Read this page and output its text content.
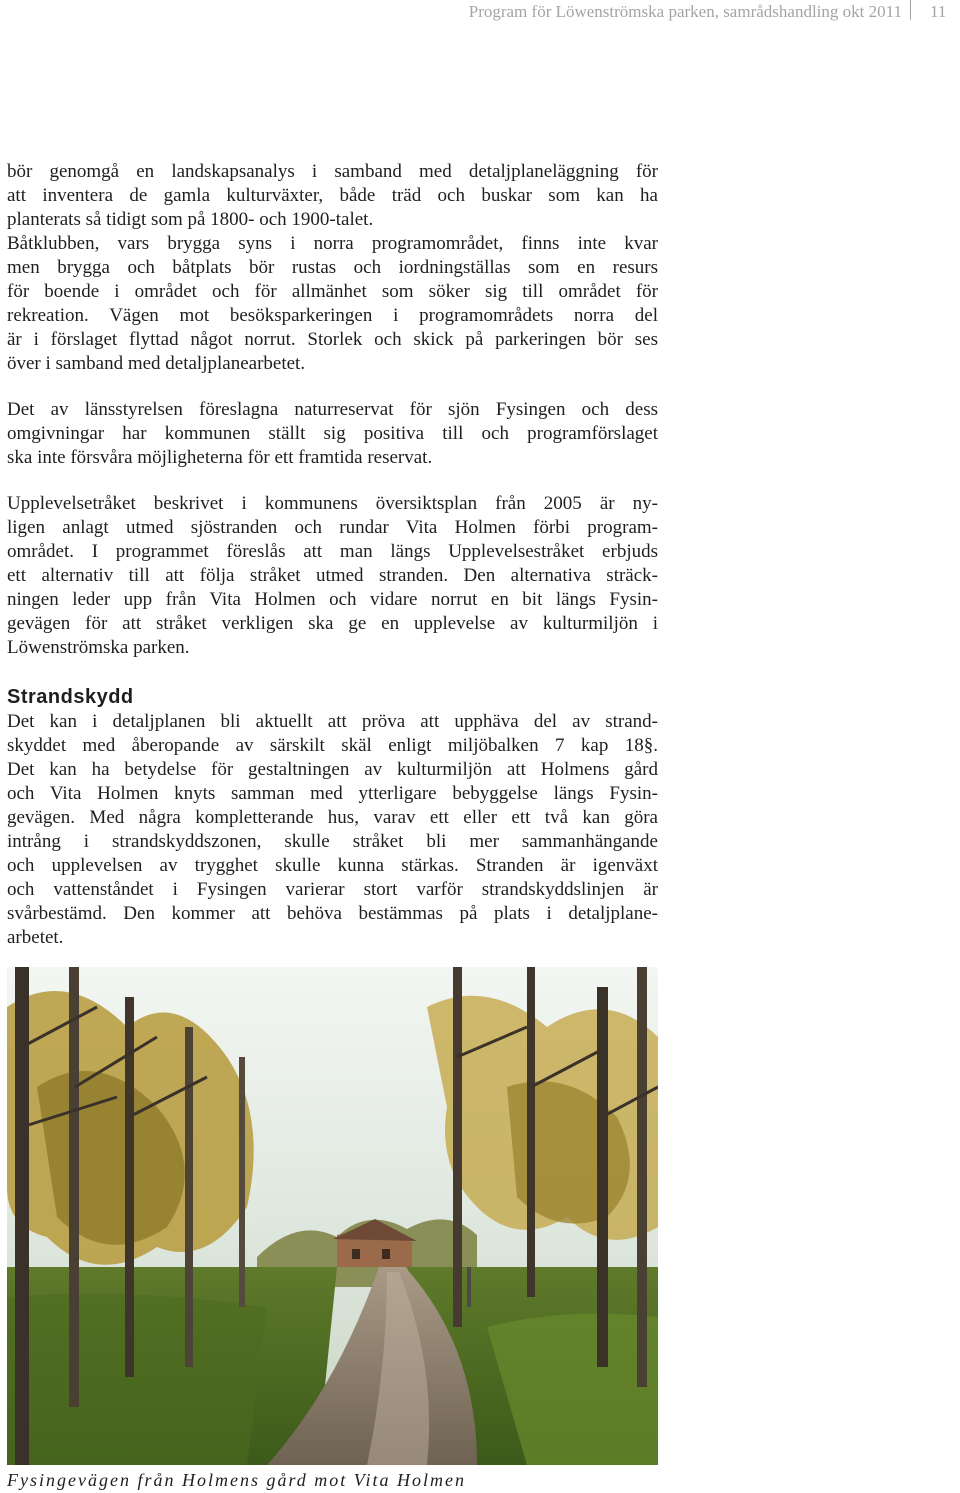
Program för Löwenströmska parken, samrådshandling okt 2011 11

bör genomgå en landskapsanalys i samband med detaljplaneläggning för
att inventera de gamla kulturväxter, både träd och buskar som kan ha
planterats så tidigt som på 1800- och 1900-talet.
Båtklubben, vars brygga syns i norra programområdet, finns inte kvar
men brygga och båtplats bör rustas och iordningställas som en resurs
för boende i området och för allmänhet som söker sig till området för
rekreation. Vägen mot besöksparkeringen i programområdets norra del
är i förslaget flyttad något norrut. Storlek och skick på parkeringen bör ses
över i samband med detaljplanearbetet.

Det av länsstyrelsen föreslagna naturreservat för sjön Fysingen och dess
omgivningar har kommunen ställt sig positiva till och programförslaget
ska inte försvåra möjligheterna för ett framtida reservat.

Upplevelsetråket beskrivet i kommunens översiktsplan från 2005 är ny-
ligen anlagt utmed sjöstranden och rundar Vita Holmen förbi program-
området. I programmet föreslås att man längs Upplevelsestråket erbjuds
ett alternativ till att följa stråket utmed stranden. Den alternativa sträck-
ningen leder upp från Vita Holmen och vidare norrut en bit längs Fysin-
gevägen för att stråket verkligen ska ge en upplevelse av kulturmiljön i
Löwenströmska parken.

Strandskydd

Det kan i detaljplanen bli aktuellt att pröva att upphäva del av strand-
skyddet med åberopande av särskilt skäl enligt miljöbalken 7 kap 18§.
Det kan ha betydelse för gestaltningen av kulturmiljön att Holmens gård
och Vita Holmen knyts samman med ytterligare bebyggelse längs Fysin-
gevägen. Med några kompletterande hus, varav ett eller ett två kan göra
intrång i strandskyddszonen, skulle stråket bli mer sammanhängande
och upplevelsen av trygghet skulle kunna stärkas. Stranden är igenväxt
och vattenståndet i Fysingen varierar stort varför strandskyddslinjen är
svårbestämd. Den kommer att behöva bestämmas på plats i detaljplane-
arbetet.

Fysingevägen från Holmens gård mot Vita Holmen
